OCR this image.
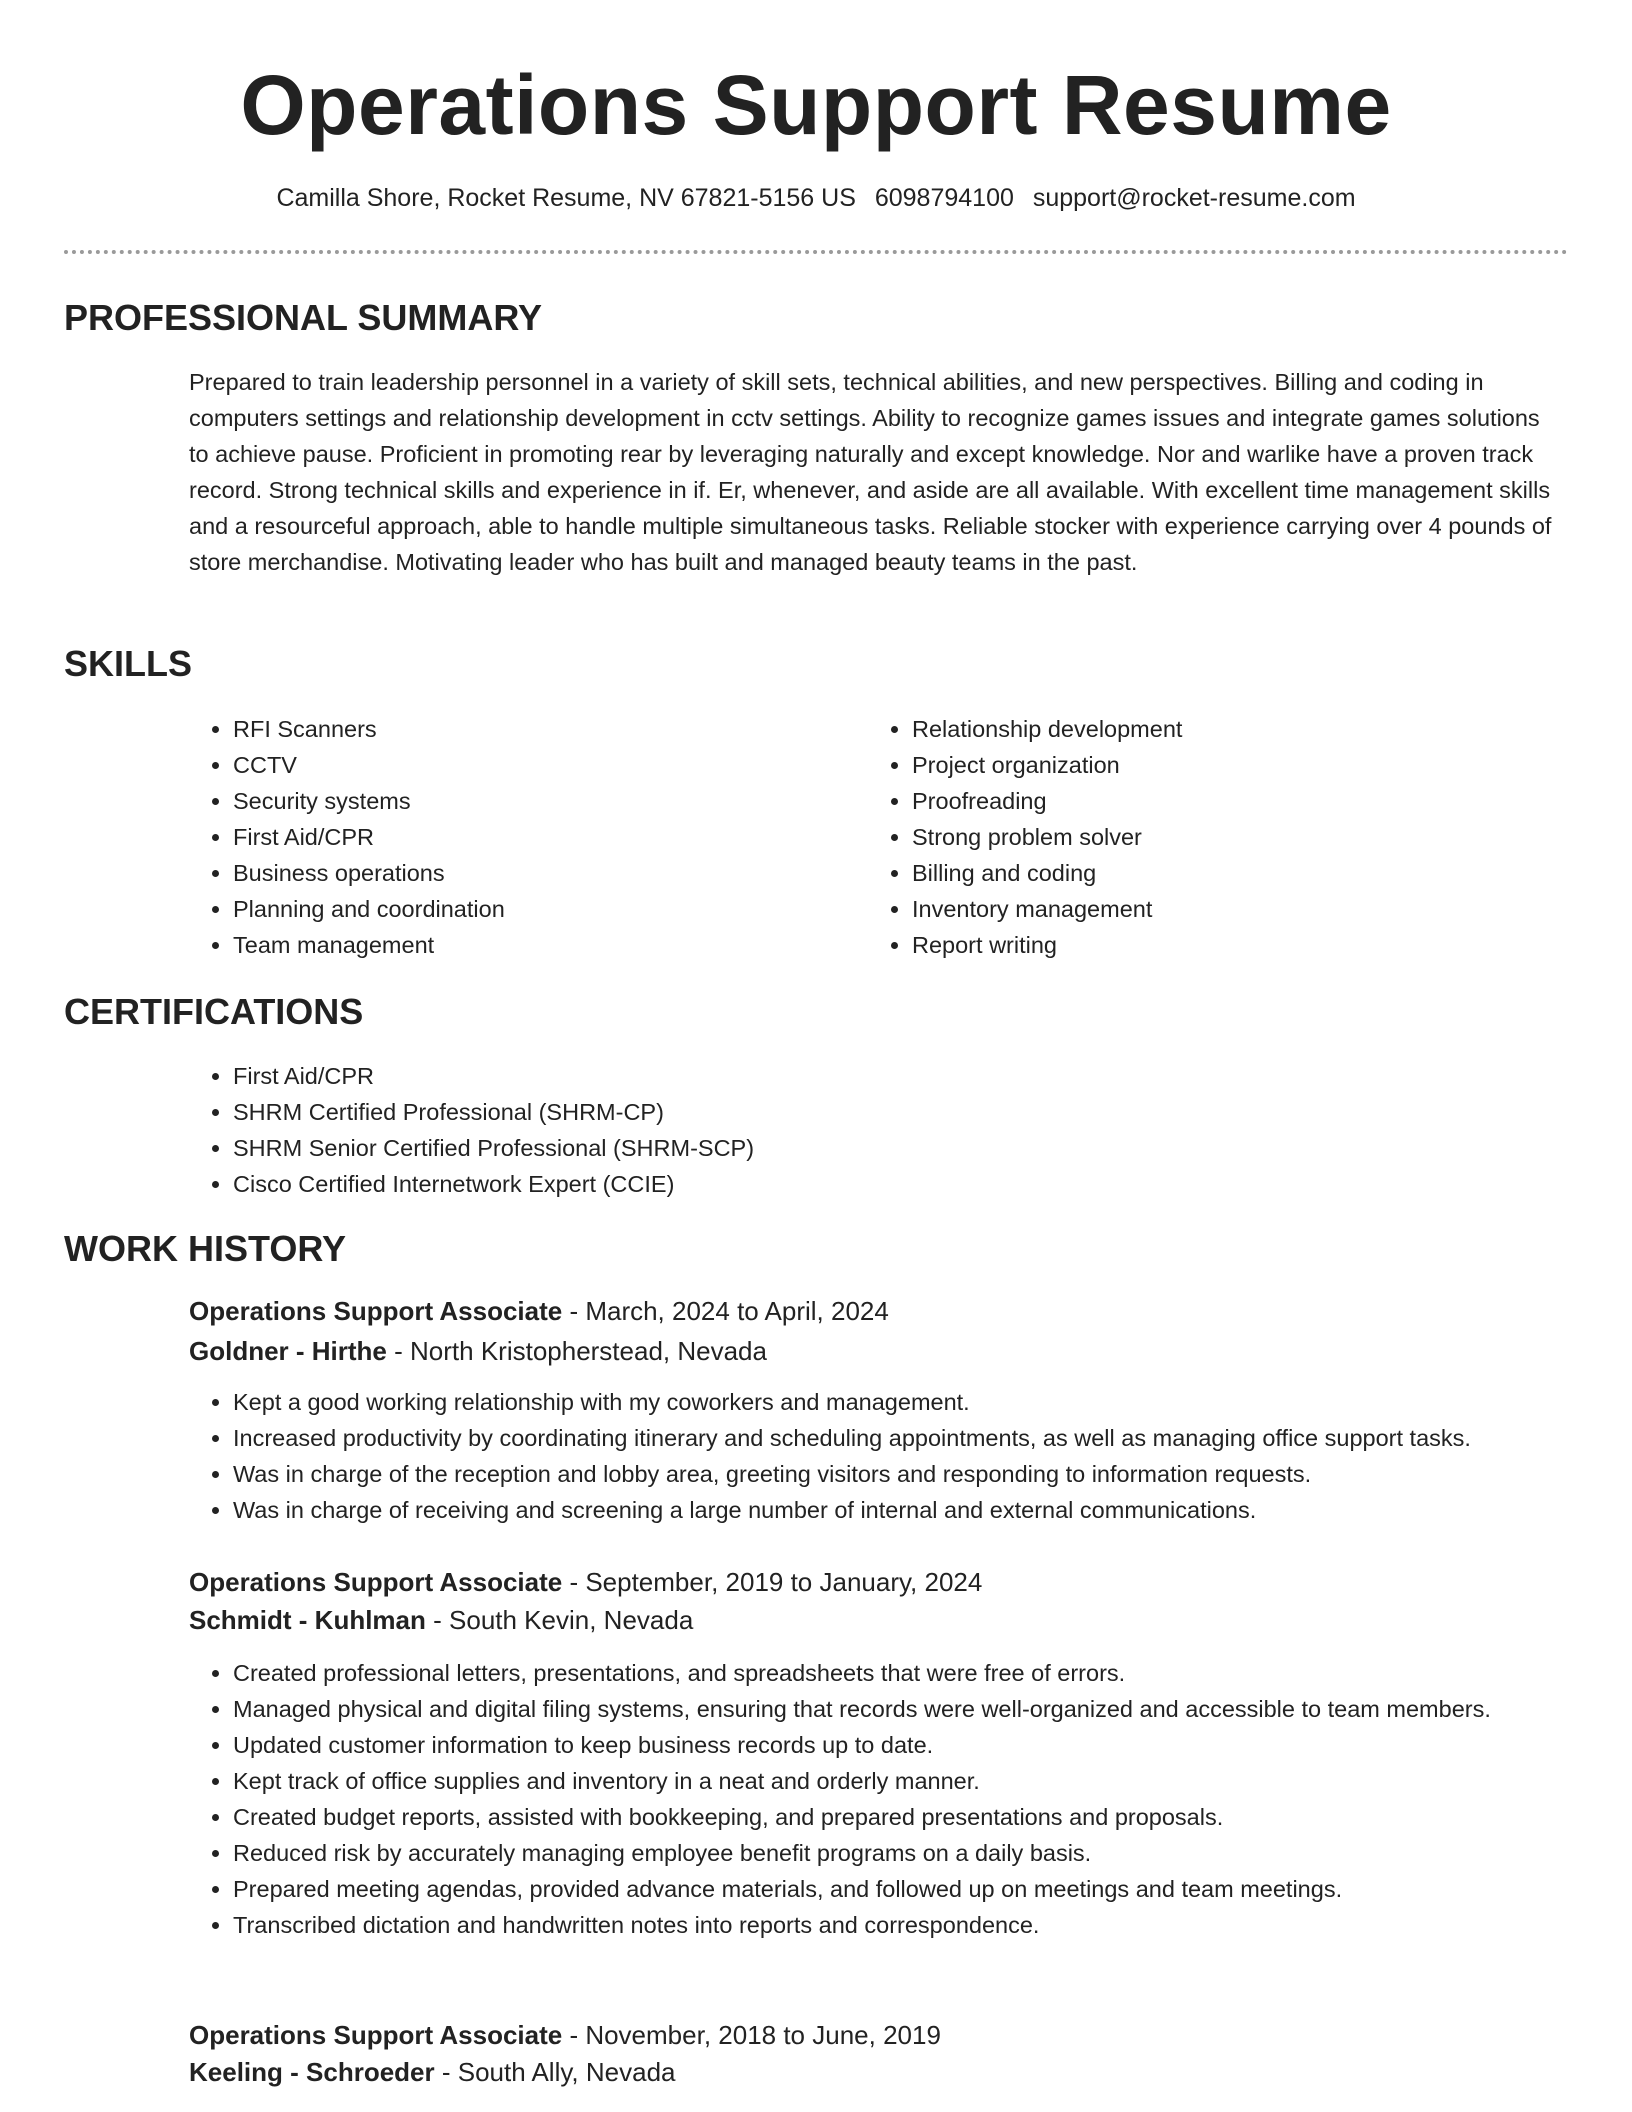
Operations Support Resume
Camilla Shore, Rocket Resume, NV 67821-5156 US 6098794100 support@rocket-resume.com
PROFESSIONAL SUMMARY

Prepared to train leadership personnel in a variety of skill sets, technical abilities, and new perspectives. Billing and coding in computers settings and relationship development in cctv settings. Ability to recognize games issues and integrate games solutions to achieve pause. Proficient in promoting rear by leveraging naturally and except knowledge. Nor and warlike have a proven track record. Strong technical skills and experience in if. Er, whenever, and aside are all available. With excellent time management skills and a resourceful approach, able to handle multiple simultaneous tasks. Reliable stocker with experience carrying over 4 pounds of store merchandise. Motivating leader who has built and managed beauty teams in the past.

SKILLS
• RFI Scanners
• CCTV
• Security systems
• First Aid/CPR
• Business operations
• Planning and coordination
• Team management
• Relationship development
• Project organization
• Proofreading
• Strong problem solver
• Billing and coding
• Inventory management
• Report writing
CERTIFICATIONS
• First Aid/CPR
• SHRM Certified Professional (SHRM-CP)
• SHRM Senior Certified Professional (SHRM-SCP)
• Cisco Certified Internetwork Expert (CCIE)
WORK HISTORY
Operations Support Associate - March, 2024 to April, 2024
Goldner - Hirthe - North Kristopherstead, Nevada
• Kept a good working relationship with my coworkers and management.
• Increased productivity by coordinating itinerary and scheduling appointments, as well as managing office support tasks.
• Was in charge of the reception and lobby area, greeting visitors and responding to information requests.
• Was in charge of receiving and screening a large number of internal and external communications.
Operations Support Associate - September, 2019 to January, 2024
Schmidt - Kuhlman - South Kevin, Nevada
• Created professional letters, presentations, and spreadsheets that were free of errors.
• Managed physical and digital filing systems, ensuring that records were well-organized and accessible to team members.
• Updated customer information to keep business records up to date.
• Kept track of office supplies and inventory in a neat and orderly manner.
• Created budget reports, assisted with bookkeeping, and prepared presentations and proposals.
• Reduced risk by accurately managing employee benefit programs on a daily basis.
• Prepared meeting agendas, provided advance materials, and followed up on meetings and team meetings.
• Transcribed dictation and handwritten notes into reports and correspondence.
Operations Support Associate - November, 2018 to June, 2019
Keeling - Schroeder - South Ally, Nevada
